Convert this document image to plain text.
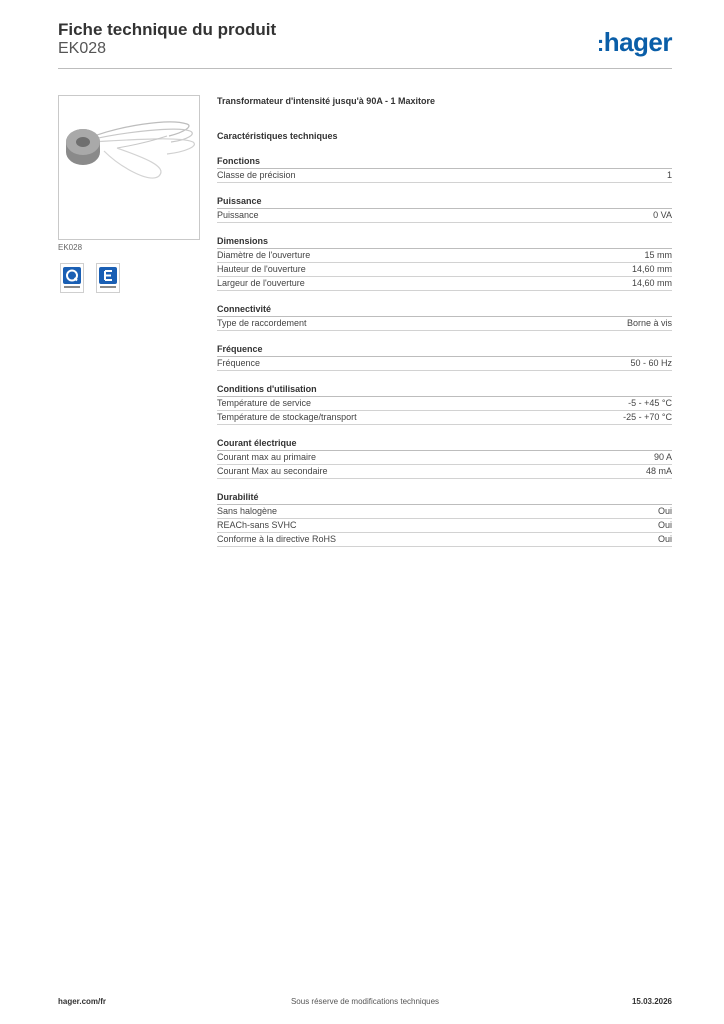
Fiche technique du produit
EK028	:hager
EK028
Transformateur d'intensité jusqu'à 90A - 1 Maxitore
Caractéristiques techniques
Fonctions
Classe de précision	1
Puissance
Puissance	0 VA
Dimensions
Diamètre de l'ouverture	15 mm
Hauteur de l'ouverture	14,60 mm
Largeur de l'ouverture	14,60 mm
Connectivité
Type de raccordement	Borne à vis
Fréquence
Fréquence	50 - 60 Hz
Conditions d'utilisation
Température de service	-5 - +45 °C
Température de stockage/transport	-25 - +70 °C
Courant électrique
Courant max au primaire	90 A
Courant Max au secondaire	48 mA
Durabilité
Sans halogène	Oui
REACh-sans SVHC	Oui
Conforme à la directive RoHS	Oui
hager.com/fr	Sous réserve de modifications techniques	15.03.2026
